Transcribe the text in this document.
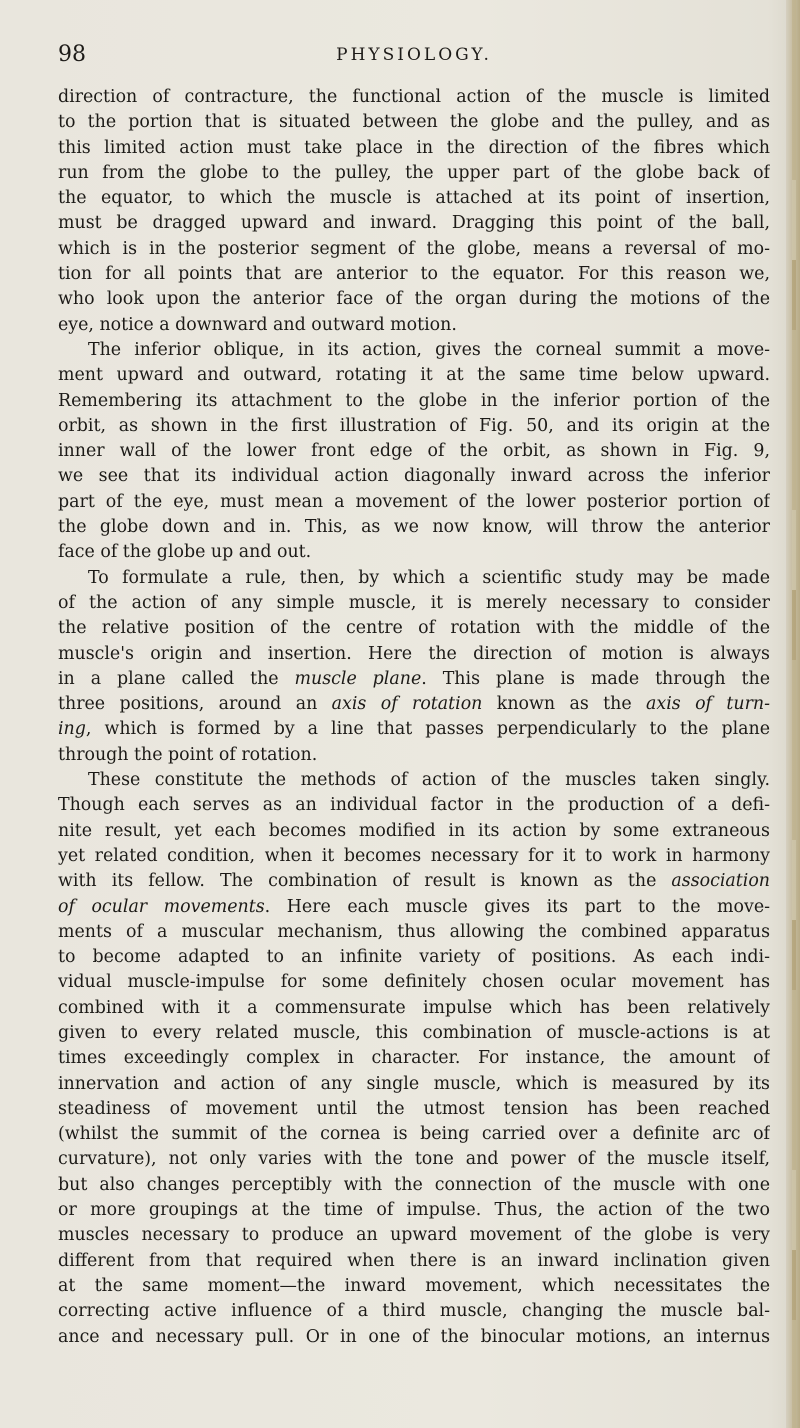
98	PHYSIOLOGY.
direction of contracture, the functional action of the muscle is limited
to the portion that is situated between the globe and the pulley, and as
this limited action must take place in the direction of the fibres which
run from the globe to the pulley, the upper part of the globe back of
the equator, to which the muscle is attached at its point of insertion,
must be dragged upward and inward. Dragging this point of the ball,
which is in the posterior segment of the globe, means a reversal of mo-
tion for all points that are anterior to the equator. For this reason we,
who look upon the anterior face of the organ during the motions of the
eye, notice a downward and outward motion.
The inferior oblique, in its action, gives the corneal summit a move-
ment upward and outward, rotating it at the same time below upward.
Remembering its attachment to the globe in the inferior portion of the
orbit, as shown in the first illustration of Fig. 50, and its origin at the
inner wall of the lower front edge of the orbit, as shown in Fig. 9,
we see that its individual action diagonally inward across the inferior
part of the eye, must mean a movement of the lower posterior portion of
the globe down and in. This, as we now know, will throw the anterior
face of the globe up and out.
To formulate a rule, then, by which a scientific study may be made
of the action of any simple muscle, it is merely necessary to consider
the relative position of the centre of rotation with the middle of the
muscle's origin and insertion. Here the direction of motion is always
in a plane called the muscle plane. This plane is made through the
three positions, around an axis of rotation known as the axis of turn-
ing, which is formed by a line that passes perpendicularly to the plane
through the point of rotation.
These constitute the methods of action of the muscles taken singly.
Though each serves as an individual factor in the production of a defi-
nite result, yet each becomes modified in its action by some extraneous
yet related condition, when it becomes necessary for it to work in harmony
with its fellow. The combination of result is known as the association
of ocular movements. Here each muscle gives its part to the move-
ments of a muscular mechanism, thus allowing the combined apparatus
to become adapted to an infinite variety of positions. As each indi-
vidual muscle-impulse for some definitely chosen ocular movement has
combined with it a commensurate impulse which has been relatively
given to every related muscle, this combination of muscle-actions is at
times exceedingly complex in character. For instance, the amount of
innervation and action of any single muscle, which is measured by its
steadiness of movement until the utmost tension has been reached
(whilst the summit of the cornea is being carried over a definite arc of
curvature), not only varies with the tone and power of the muscle itself,
but also changes perceptibly with the connection of the muscle with one
or more groupings at the time of impulse. Thus, the action of the two
muscles necessary to produce an upward movement of the globe is very
different from that required when there is an inward inclination given
at the same moment—the inward movement, which necessitates the
correcting active influence of a third muscle, changing the muscle bal-
ance and necessary pull. Or in one of the binocular motions, an internus
